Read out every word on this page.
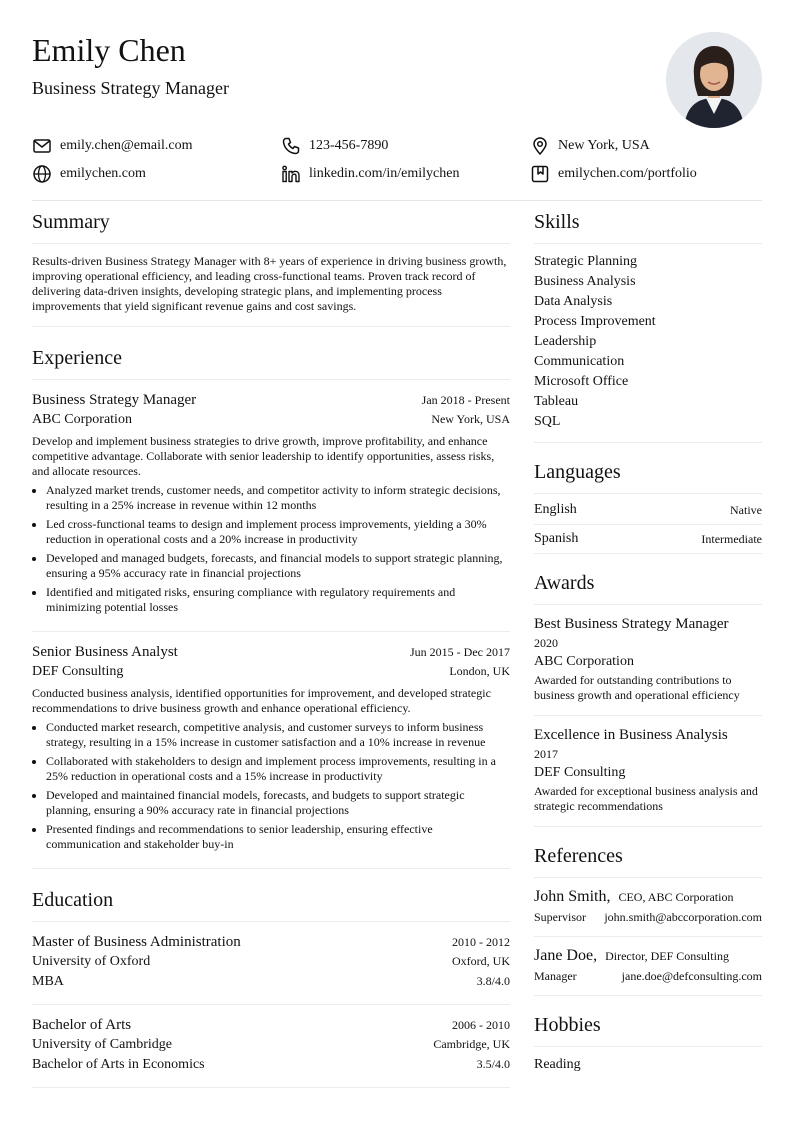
Emily Chen
Business Strategy Manager
emily.chen@email.com	123-456-7890	New York, USA
emilychen.com	linkedin.com/in/emilychen	emilychen.com/portfolio
Summary

Results-driven Business Strategy Manager with 8+ years of experience in driving business growth, improving operational efficiency, and leading cross-functional teams. Proven track record of delivering data-driven insights, developing strategic plans, and implementing process improvements that yield significant revenue gains and cost savings.

Experience
Business Strategy Manager	Jan 2018 - Present
ABC Corporation	New York, USA

Develop and implement business strategies to drive growth, improve profitability, and enhance competitive advantage. Collaborate with senior leadership to identify opportunities, assess risks, and allocate resources.

• Analyzed market trends, customer needs, and competitor activity to inform strategic decisions, resulting in a 25% increase in revenue within 12 months
• Led cross-functional teams to design and implement process improvements, yielding a 30% reduction in operational costs and a 20% increase in productivity
• Developed and managed budgets, forecasts, and financial models to support strategic planning, ensuring a 95% accuracy rate in financial projections
• Identified and mitigated risks, ensuring compliance with regulatory requirements and minimizing potential losses
Senior Business Analyst	Jun 2015 - Dec 2017
DEF Consulting	London, UK

Conducted business analysis, identified opportunities for improvement, and developed strategic recommendations to drive business growth and enhance operational efficiency.

• Conducted market research, competitive analysis, and customer surveys to inform business strategy, resulting in a 15% increase in customer satisfaction and a 10% increase in revenue
• Collaborated with stakeholders to design and implement process improvements, resulting in a 25% reduction in operational costs and a 15% increase in productivity
• Developed and maintained financial models, forecasts, and budgets to support strategic planning, ensuring a 90% accuracy rate in financial projections
• Presented findings and recommendations to senior leadership, ensuring effective communication and stakeholder buy-in
Education
Master of Business Administration	2010 - 2012
University of Oxford	Oxford, UK
MBA	3.8/4.0
Bachelor of Arts	2006 - 2010
University of Cambridge	Cambridge, UK
Bachelor of Arts in Economics	3.5/4.0
Skills
Strategic Planning
Business Analysis
Data Analysis
Process Improvement
Leadership
Communication
Microsoft Office
Tableau
SQL
Languages
English	Native
Spanish	Intermediate
Awards
Best Business Strategy Manager
2020
ABC Corporation
Awarded for outstanding contributions to business growth and operational efficiency
Excellence in Business Analysis
2017
DEF Consulting
Awarded for exceptional business analysis and strategic recommendations
References
John Smith, CEO, ABC Corporation
Supervisor john.smith@abccorporation.com
Jane Doe, Director, DEF Consulting
Manager	jane.doe@defconsulting.com
Hobbies
Reading
